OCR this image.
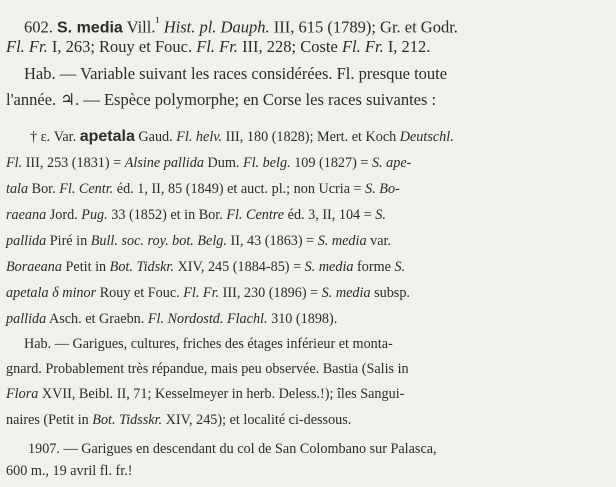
602. S. media Vill.$^{^1}$ Hist. pl. Dauph. III, 615 (1789); Gr. et Godr.
Fl. Fr. I, 263; Rouy et Fouc. Fl. Fr. III, 228; Coste Fl. Fr. I, 212.
Hab. — Variable suivant les races considérées. Fl. presque toute
l'année. ♃. — Espèce polymorphe; en Corse les races suivantes :
† ε. Var. apetala Gaud. Fl. helv. III, 180 (1828); Mert. et Koch Deutschl.
Fl. III, 253 (1831) = Alsine pallida Dum. Fl. belg. 109 (1827) = S. ape-
tala Bor. Fl. Centr. éd. 1, II, 85 (1849) et auct. pl.; non Ucria = S. Bo-
raeana Jord. Pug. 33 (1852) et in Bor. Fl. Centre éd. 3, II, 104 = S.
pallida Piré in Bull. soc. roy. bot. Belg. II, 43 (1863) = S. media var.
Boraeana Petit in Bot. Tidskr. XIV, 245 (1884-85) = S. media forme S.
apetala δ minor Rouy et Fouc. Fl. Fr. III, 230 (1896) = S. media subsp.
pallida Asch. et Graebn. Fl. Nordostd. Flachl. 310 (1898).
Hab. — Garigues, cultures, friches des étages inférieur et monta-
gnard. Probablement très répandue, mais peu observée. Bastia (Salis in
Flora XVII, Beibl. II, 71; Kesselmeyer in herb. Deless.!); îles Sangui-
naires (Petit in Bot. Tidsskr. XIV, 245); et localité ci-dessous.
1907. — Garigues en descendant du col de San Colombano sur Palasca,
600 m., 19 avril fl. fr.!
